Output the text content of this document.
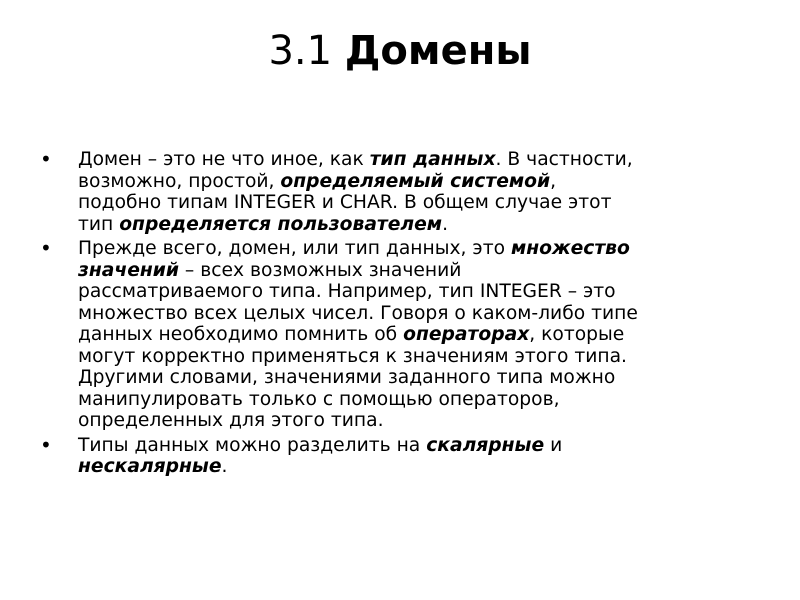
3.1 Домены
• Домен – это не что иное, как тип данных. В частности,
возможно, простой, определяемый системой,
подобно типам INTEGER и CHAR. В общем случае этот
тип определяется пользователем.
• Прежде всего, домен, или тип данных, это множество
значений – всех возможных значений
рассматриваемого типа. Например, тип INTEGER – это
множество всех целых чисел. Говоря о каком-либо типе
данных необходимо помнить об операторах, которые
могут корректно применяться к значениям этого типа.
Другими словами, значениями заданного типа можно
манипулировать только с помощью операторов,
определенных для этого типа.
• Типы данных можно разделить на скалярные и
нескалярные.
